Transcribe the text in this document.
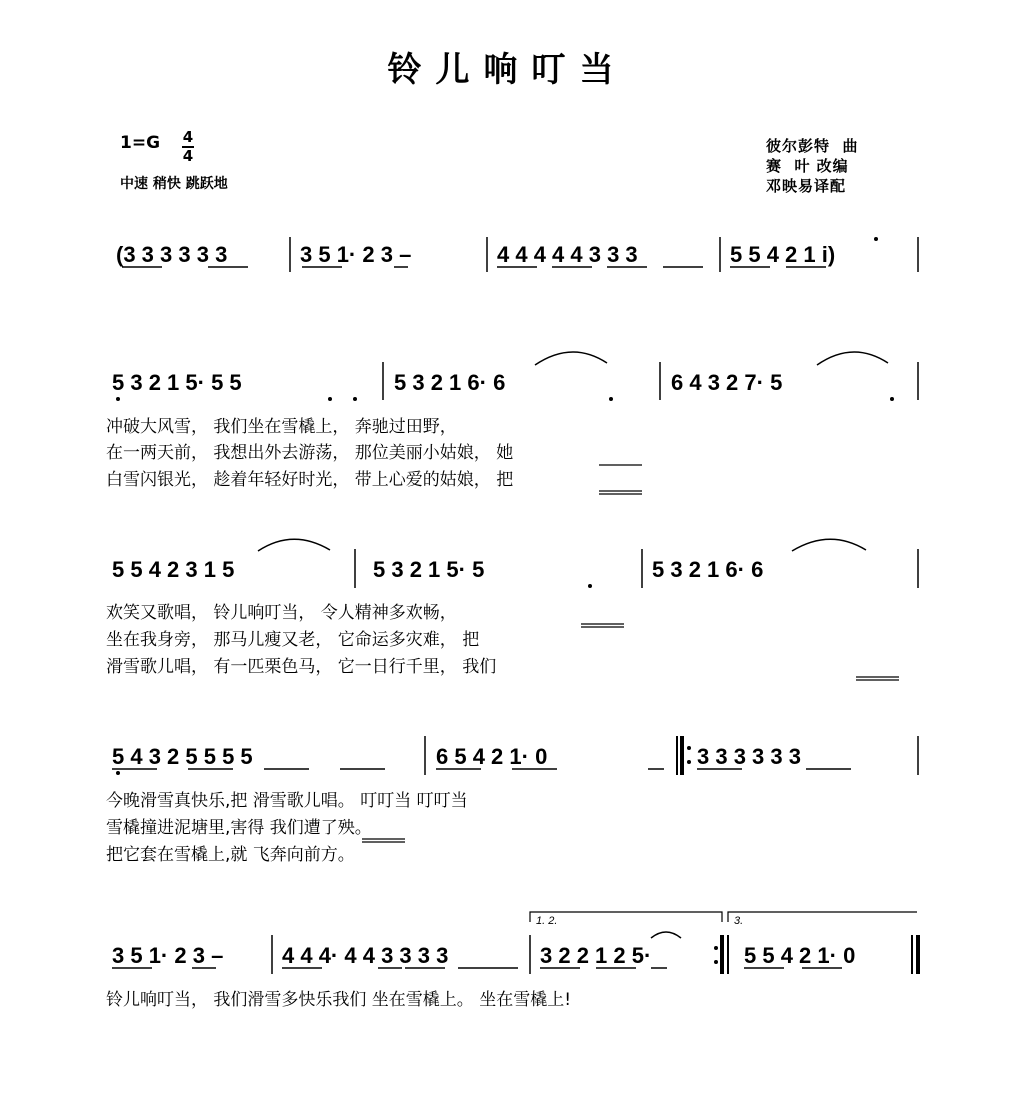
铃儿响叮当
1=G 4
4
中速 稍快 跳跃地
彼尔彭特  曲
赛  叶 改编
邓映易译配
(3 3 3 3 3 3	3 5 1· 2 3 –	4 4 4 4 4 3 3 3	5 5 4 2 1 i)
5 3 2 1 5· 5 5	5 3 2 1 6· 6	6 4 3 2 7· 5
冲破大风雪， 我们坐在雪橇上， 奔驰过田野，
在一两天前， 我想出外去游荡， 那位美丽小姑娘， 她
白雪闪银光， 趁着年轻好时光， 带上心爱的姑娘， 把
5 5 4 2 3 1 5	5 3 2 1 5· 5	5 3 2 1 6· 6
欢笑又歌唱， 铃儿响叮当， 令人精神多欢畅，
坐在我身旁， 那马儿瘦又老， 它命运多灾难， 把
滑雪歌儿唱， 有一匹栗色马， 它一日行千里， 我们
5 4 3 2 5 5 5 5	6 5 4 2 1· 0	3 3 3 3 3 3
今晚滑雪真快乐,把 滑雪歌儿唱。 叮叮当 叮叮当
雪橇撞进泥塘里,害得 我们遭了殃。
把它套在雪橇上,就 飞奔向前方。
1. 2.	3.
3 5 1· 2 3 –	4 4 4· 4 4 3 3 3 3	3 2 2 1 2 5·	5 5 4 2 1· 0
铃儿响叮当， 我们滑雪多快乐我们 坐在雪橇上。 坐在雪橇上!
